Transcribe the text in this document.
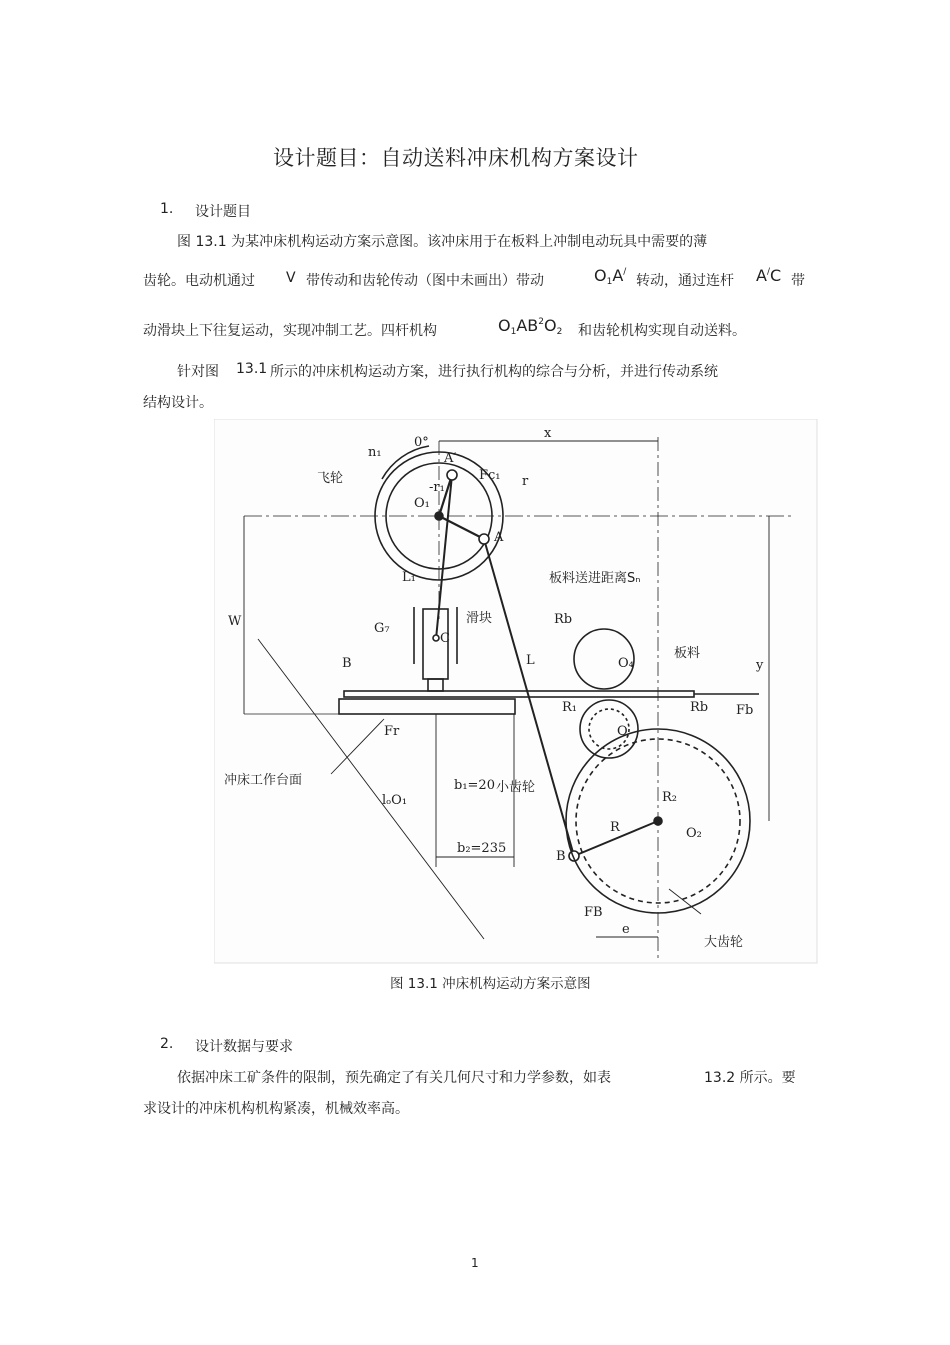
设计题目：自动送料冲床机构方案设计
1. 设计题目
图 13.1 为某冲床机构运动方案示意图。该冲床用于在板料上冲制电动玩具中需要的薄
齿轮。电动机通过 V 带传动和齿轮传动（图中未画出）带动	$O_1A^/$
转动，通过连杆 A/C 带
动滑块上下往复运动，实现冲制工艺。四杆机构	$O_1AB^2O_2$ 和齿轮机构实现自动送料。
针对图 13.1 所示的冲床机构运动方案，进行执行机构的综合与分析，并进行传动系统
结构设计。
n₁
0°
x
A′
飞轮
O₁
-r₁
Fc₁ r
A
L₁	板料送进距离Sₙ
W	G₇
滑块
C
Rb
O₄
板料
L	y
B
R₁	Rb Fb
O
Fr
b₁=20
冲床工作台面
lₒO₁
小齿轮
R₂
R	O₂
b₂=235
B
FB
e
大齿轮
图 13.1 冲床机构运动方案示意图
2. 设计数据与要求
依据冲床工矿条件的限制，预先确定了有关几何尺寸和力学参数，如表	13.2 所示。要
求设计的冲床机构机构紧凑，机械效率高。
1
